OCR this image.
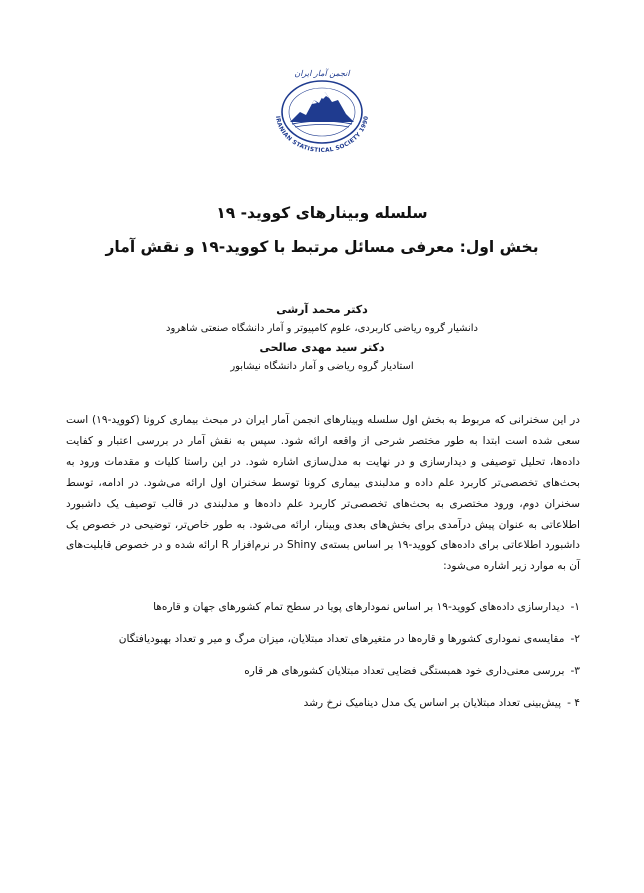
انجمن آمار ایران
IRANIAN STATISTICAL SOCIETY 1990
سلسله وبینارهای کووید- ۱۹
بخش اول: معرفی مسائل مرتبط با کووید-۱۹ و نقش آمار
دکتر محمد آرشی
دانشیار گروه ریاضی کاربردی، علوم کامپیوتر و آمار دانشگاه صنعتی شاهرود
دکتر سید مهدی صالحی
استادیار گروه ریاضی و آمار دانشگاه نیشابور
در این سخنرانی که مربوط به بخش اول سلسله وبینارهای انجمن آمار ایران در مبحث بیماری کرونا (کووید-۱۹) است سعی شده است ابتدا به طور مختصر شرحی از واقعه ارائه شود. سپس به نقش آمار در بررسی اعتبار و کفایت داده‌ها، تحلیل توصیفی و دیدارسازی و در نهایت به مدل‌سازی اشاره شود. در این راستا کلیات و مقدمات ورود به بحث‌های تخصصی‌تر کاربرد علم داده و مدلبندی بیماری کرونا توسط سخنران اول ارائه می‌شود. در ادامه، توسط سخنران دوم، ورود مختصری به بحث‌های تخصصی‌تر کاربرد علم داده‌ها و مدلبندی در قالب توصیف یک داشبورد اطلاعاتی به عنوان پیش درآمدی برای بخش‌های بعدی وبینار، ارائه می‌شود. به طور خاص‌تر، توضیحی در خصوص یک داشبورد اطلاعاتی برای داده‌های کووید-۱۹ بر اساس بسته‌ی Shiny در نرم‌افزار R ارائه شده و در خصوص قابلیت‌های آن به موارد زیر اشاره می‌شود:
۱-
دیدارسازی داده‌های کووید-۱۹ بر اساس نمودارهای پویا در سطح تمام کشورهای جهان و قاره‌ها
۲-
مقایسه‌ی نموداری کشورها و قاره‌ها در متغیرهای تعداد مبتلایان، میزان مرگ و میر و تعداد بهبودیافتگان
۳-
بررسی معنی‌داری خود همبستگی فضایی تعداد مبتلایان کشورهای هر قاره
۴ -
پیش‌بینی تعداد مبتلایان بر اساس یک مدل دینامیک نرخ رشد
